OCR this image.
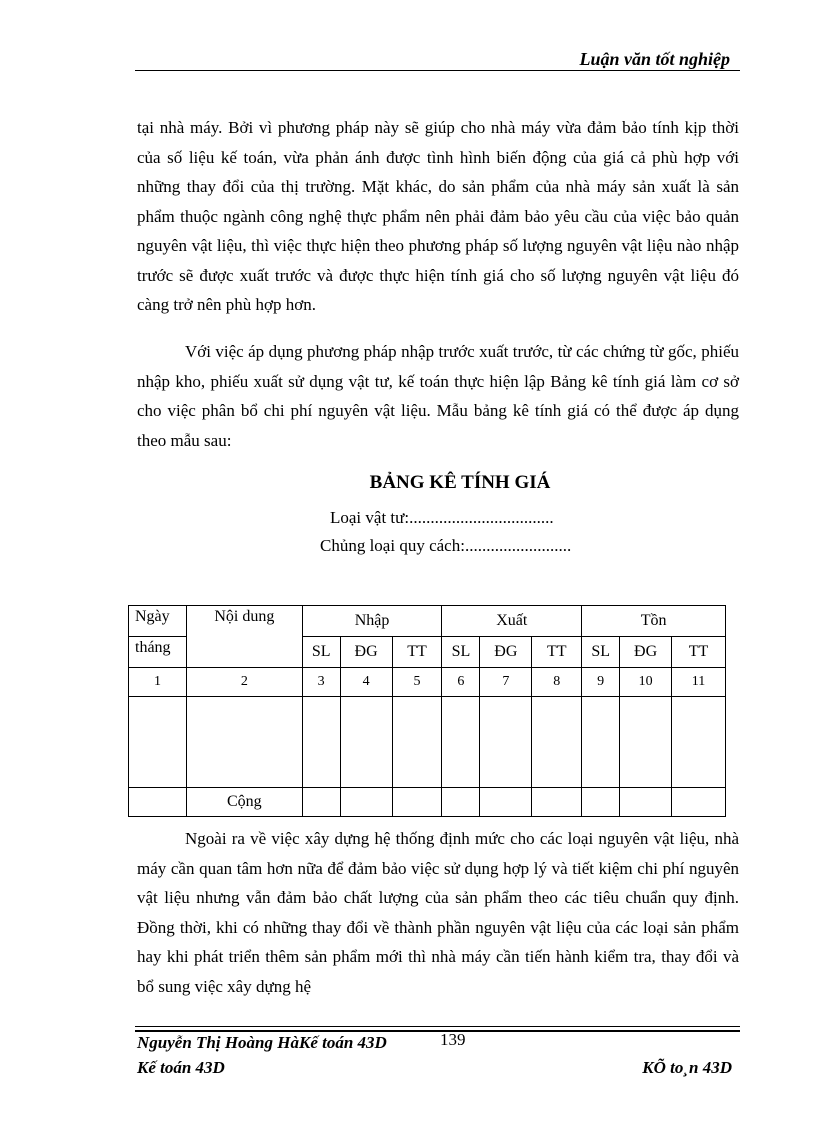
Luận văn tốt nghiệp

tại nhà máy. Bởi vì phương pháp này sẽ giúp cho nhà máy vừa đảm bảo tính kịp thời của số liệu kế toán, vừa phản ánh được tình hình biến động của giá cả phù hợp với những thay đổi của thị trường. Mặt khác, do sản phẩm của nhà máy sản xuất là sản phẩm thuộc ngành công nghệ thực phẩm nên phải đảm bảo yêu cầu của việc bảo quản nguyên vật liệu, thì việc thực hiện theo phương pháp số lượng nguyên vật liệu nào nhập trước sẽ được xuất trước và được thực hiện tính giá cho số lượng nguyên vật liệu đó càng trở nên phù hợp hơn.

Với việc áp dụng phương pháp nhập trước xuất trước, từ các chứng từ gốc, phiếu nhập kho, phiếu xuất sử dụng vật tư, kế toán thực hiện lập Bảng kê tính giá làm cơ sở cho việc phân bổ chi phí nguyên vật liệu. Mẫu bảng kê tính giá có thể được áp dụng theo mẫu sau:

BẢNG KÊ TÍNH GIÁ
Loại vật tư:..................................
Chủng loại quy cách:.........................
Ngày	Nội dung	Nhập			Xuất			Tồn		
tháng		SL	ĐG	TT	SL	ĐG	TT	SL	ĐG	TT
1	2	3	4	5	6	7	8	9	10	11

	Cộng									

Ngoài ra về việc xây dựng hệ thống định mức cho các loại nguyên vật liệu, nhà máy cần quan tâm hơn nữa để đảm bảo việc sử dụng hợp lý và tiết kiệm chi phí nguyên vật liệu nhưng vẫn đảm bảo chất lượng của sản phẩm theo các tiêu chuẩn quy định. Đồng thời, khi có những thay đổi về thành phần nguyên vật liệu của các loại sản phẩm hay khi phát triển thêm sản phẩm mới thì nhà máy cần tiến hành kiểm tra, thay đổi và bổ sung việc xây dựng hệ

Nguyễn Thị Hoàng HàKế toán 43D	139
Kế toán 43D	KÕ to¸n 43D
